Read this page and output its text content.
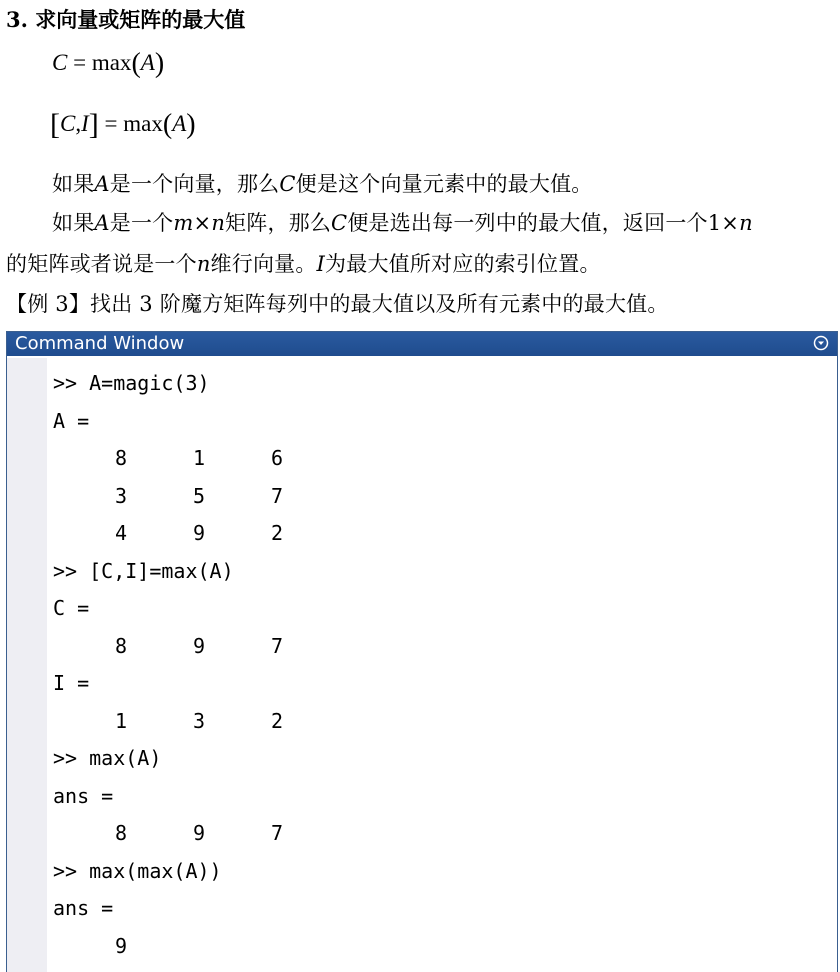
3. 求向量或矩阵的最大值
C = max(A)
[C,I] = max(A)
如果A是一个向量，那么C便是这个向量元素中的最大值。
如果A是一个m×n矩阵，那么C便是选出每一列中的最大值，返回一个1×n
的矩阵或者说是一个n维行向量。I为最大值所对应的索引位置。
【例 3】找出 3 阶魔方矩阵每列中的最大值以及所有元素中的最大值。
Command Window
>> A=magic(3)
A =
8	1	6
3	5	7
4	9	2
>> [C,I]=max(A)
C =
8	9	7
I =
1	3	2
>> max(A)
ans =
8	9	7
>> max(max(A))
ans =
9
